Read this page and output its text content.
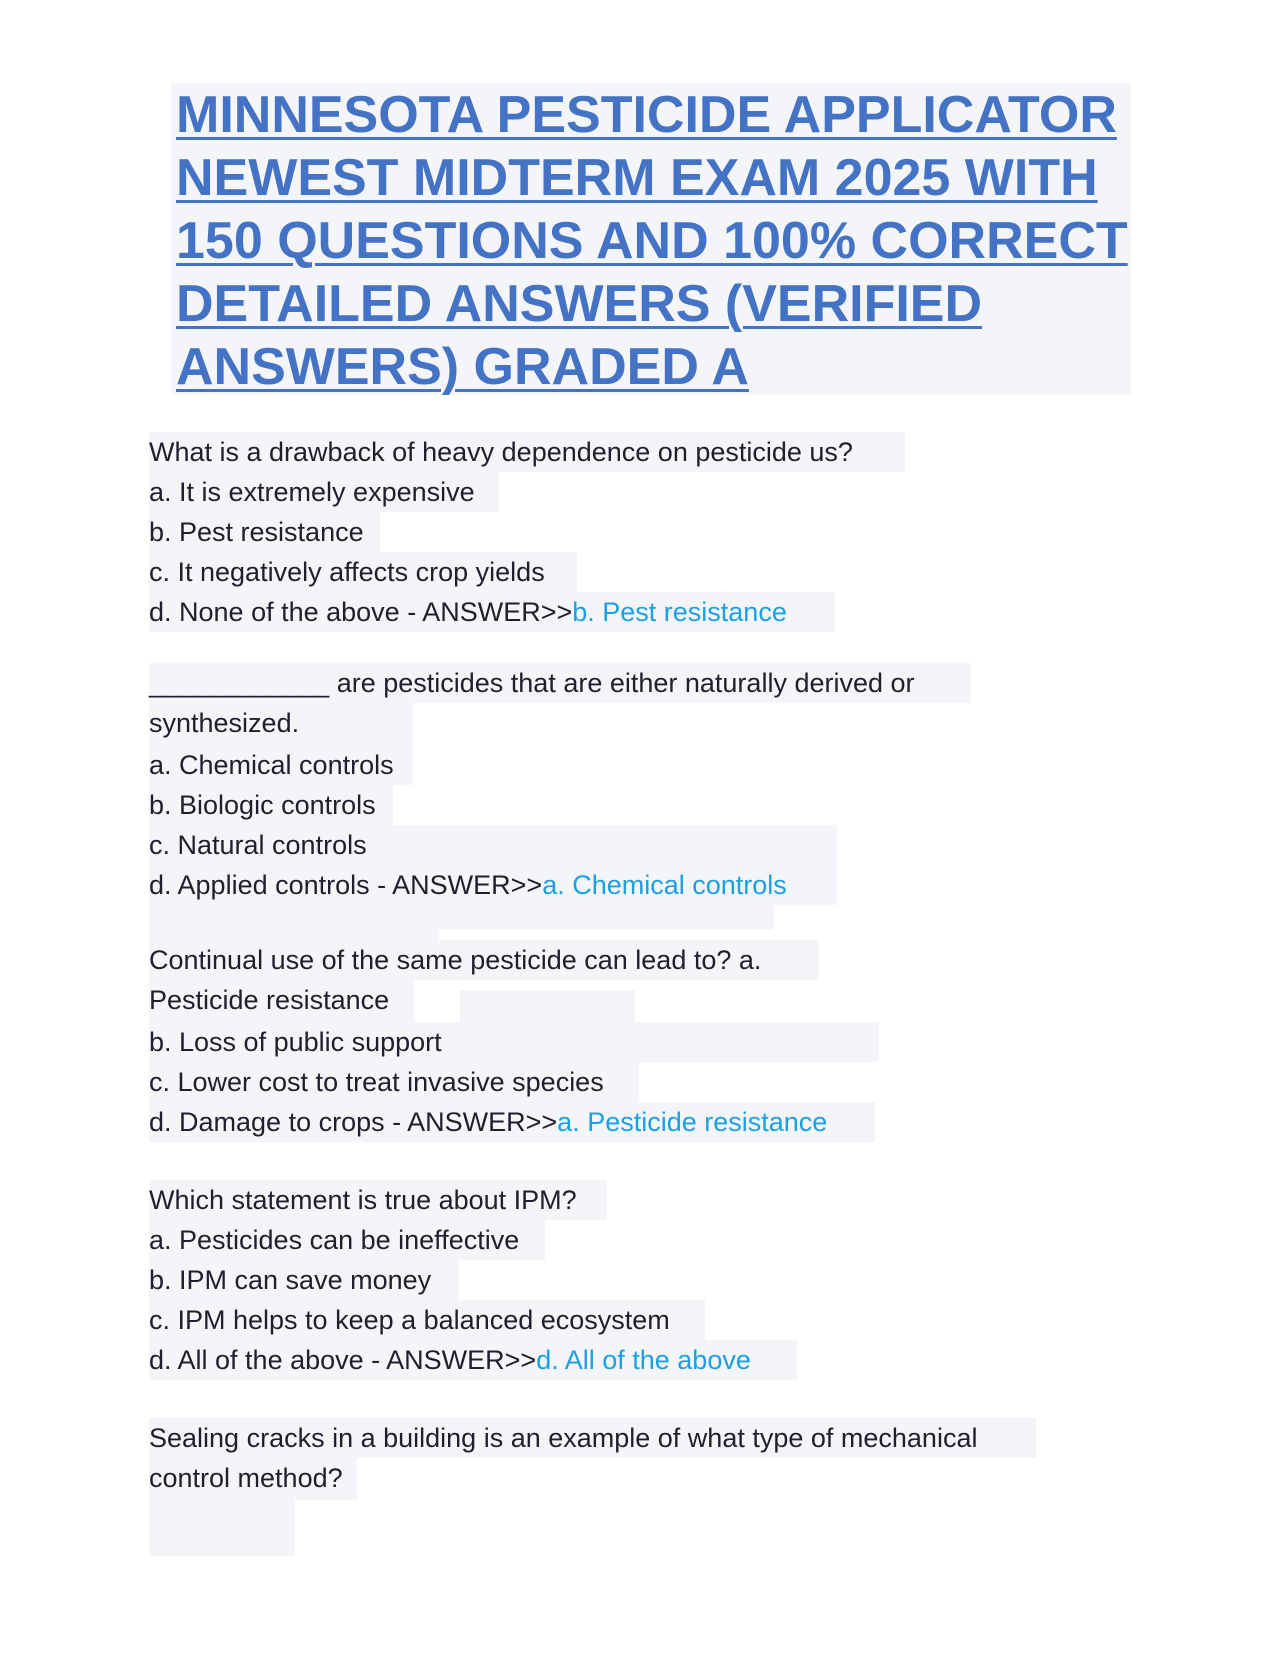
MINNESOTA PESTICIDE APPLICATOR
NEWEST MIDTERM EXAM 2025 WITH
150 QUESTIONS AND 100% CORRECT
DETAILED ANSWERS (VERIFIED
ANSWERS) GRADED A
What is a drawback of heavy dependence on pesticide us?
a. It is extremely expensive
b. Pest resistance
c. It negatively affects crop yields
d. None of the above - ANSWER>>b. Pest resistance
____________ are pesticides that are either naturally derived or
synthesized.
a. Chemical controls
b. Biologic controls
c. Natural controls
d. Applied controls - ANSWER>>a. Chemical controls
Continual use of the same pesticide can lead to? a.
Pesticide resistance
b. Loss of public support
c. Lower cost to treat invasive species
d. Damage to crops - ANSWER>>a. Pesticide resistance
Which statement is true about IPM?
a. Pesticides can be ineffective
b. IPM can save money
c. IPM helps to keep a balanced ecosystem
d. All of the above - ANSWER>>d. All of the above
Sealing cracks in a building is an example of what type of mechanical
control method?
